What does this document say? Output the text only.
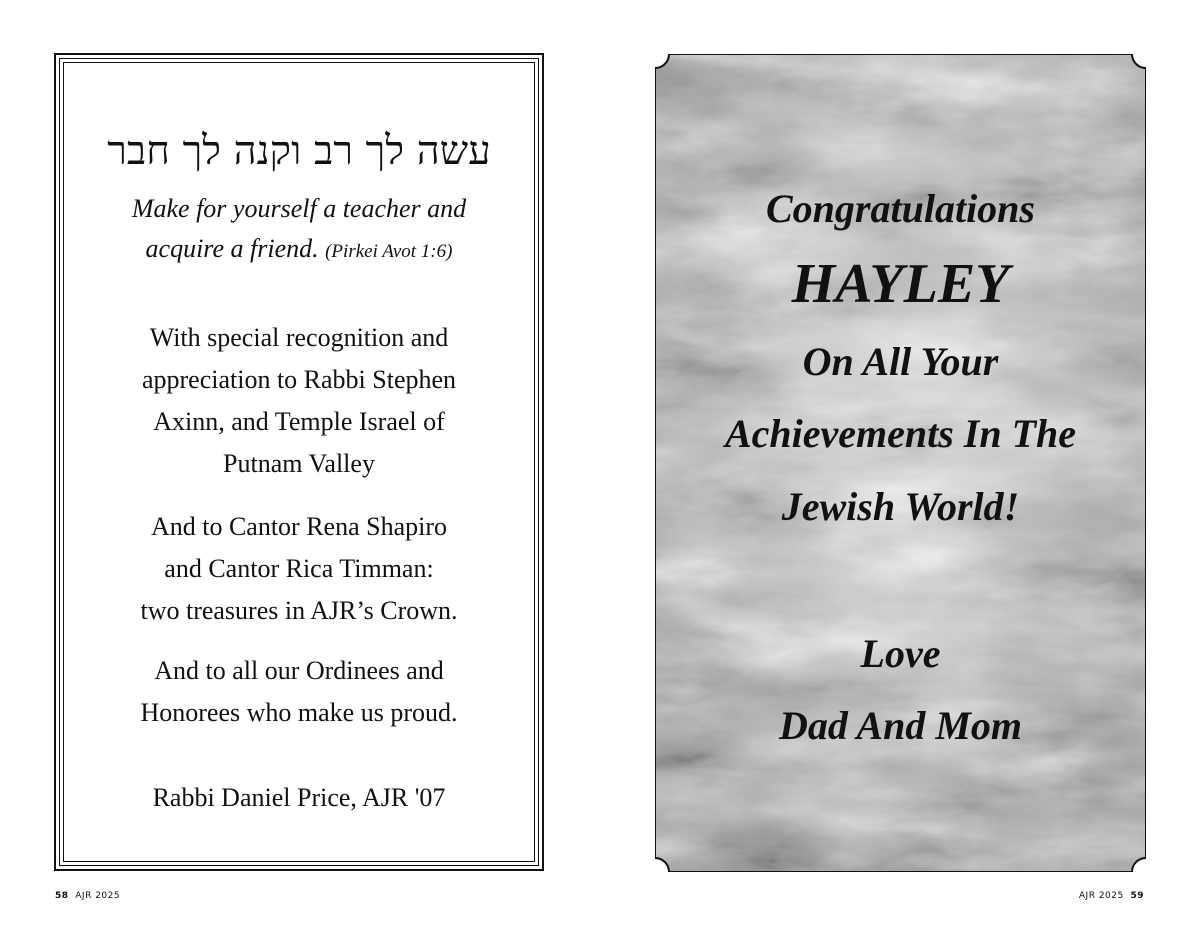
עשה לך רב וקנה לך חבר
Make for yourself a teacher and
acquire a friend. (Pirkei Avot 1:6)
With special recognition and
appreciation to Rabbi Stephen
Axinn, and Temple Israel of
Putnam Valley
And to Cantor Rena Shapiro
and Cantor Rica Timman:
two treasures in AJR’s Crown.
And to all our Ordinees and
Honorees who make us proud.
Rabbi Daniel Price, AJR '07
Congratulations
HAYLEY
On All Your
Achievements In The
Jewish World!
Love
Dad And Mom
58 AJR 2025	AJR 2025 59
